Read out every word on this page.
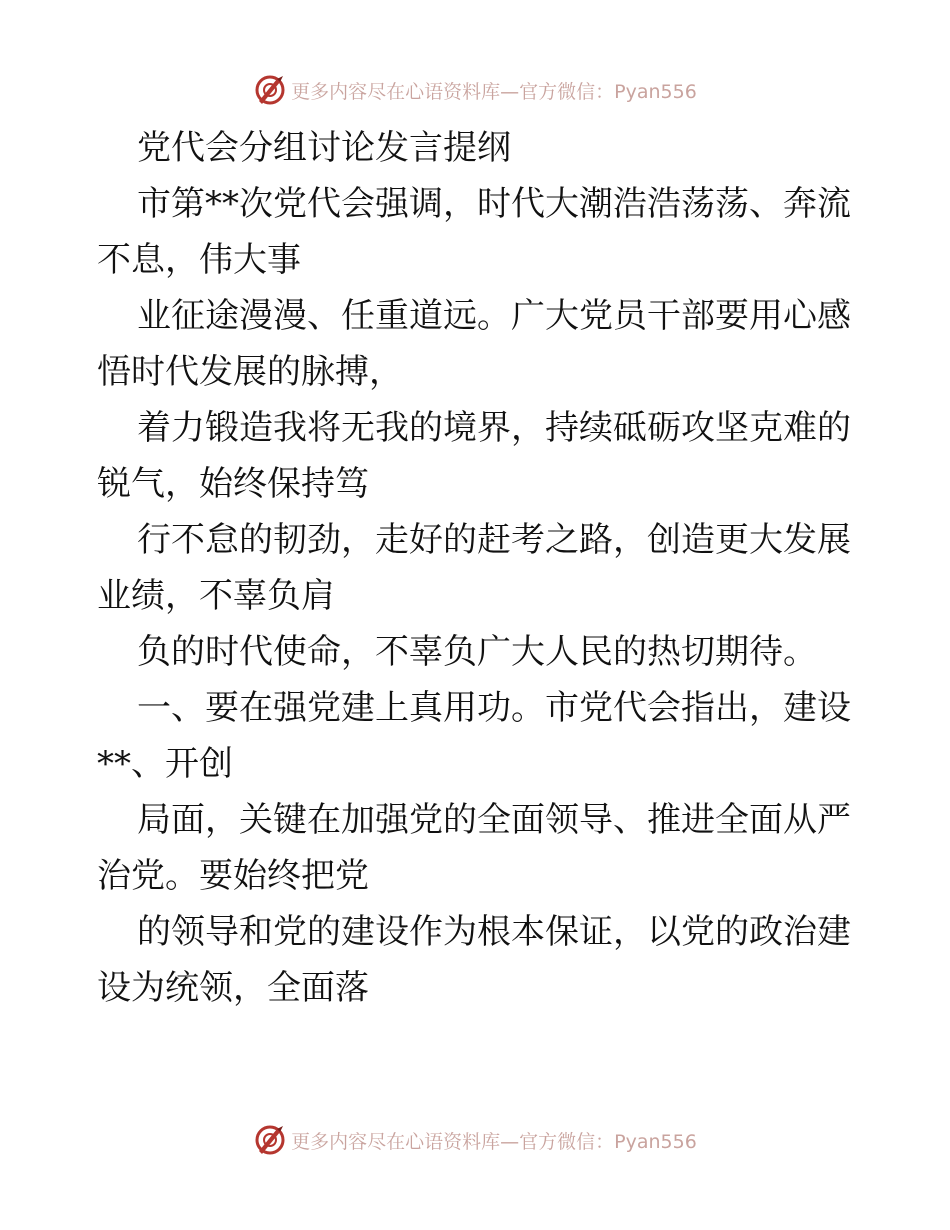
更多内容尽在心语资料库—官方微信：Pyan556

党代会分组讨论发言提纲

市第**次党代会强调，时代大潮浩浩荡荡、奔流不息，伟大事

业征途漫漫、任重道远。广大党员干部要用心感悟时代发展的脉搏，

着力锻造我将无我的境界，持续砥砺攻坚克难的锐气，始终保持笃

行不怠的韧劲，走好的赶考之路，创造更大发展业绩，不辜负肩

负的时代使命，不辜负广大人民的热切期待。

一、要在强党建上真用功。市党代会指出，建设**、开创

局面，关键在加强党的全面领导、推进全面从严治党。要始终把党

的领导和党的建设作为根本保证，以党的政治建设为统领，全面落

更多内容尽在心语资料库—官方微信：Pyan556
